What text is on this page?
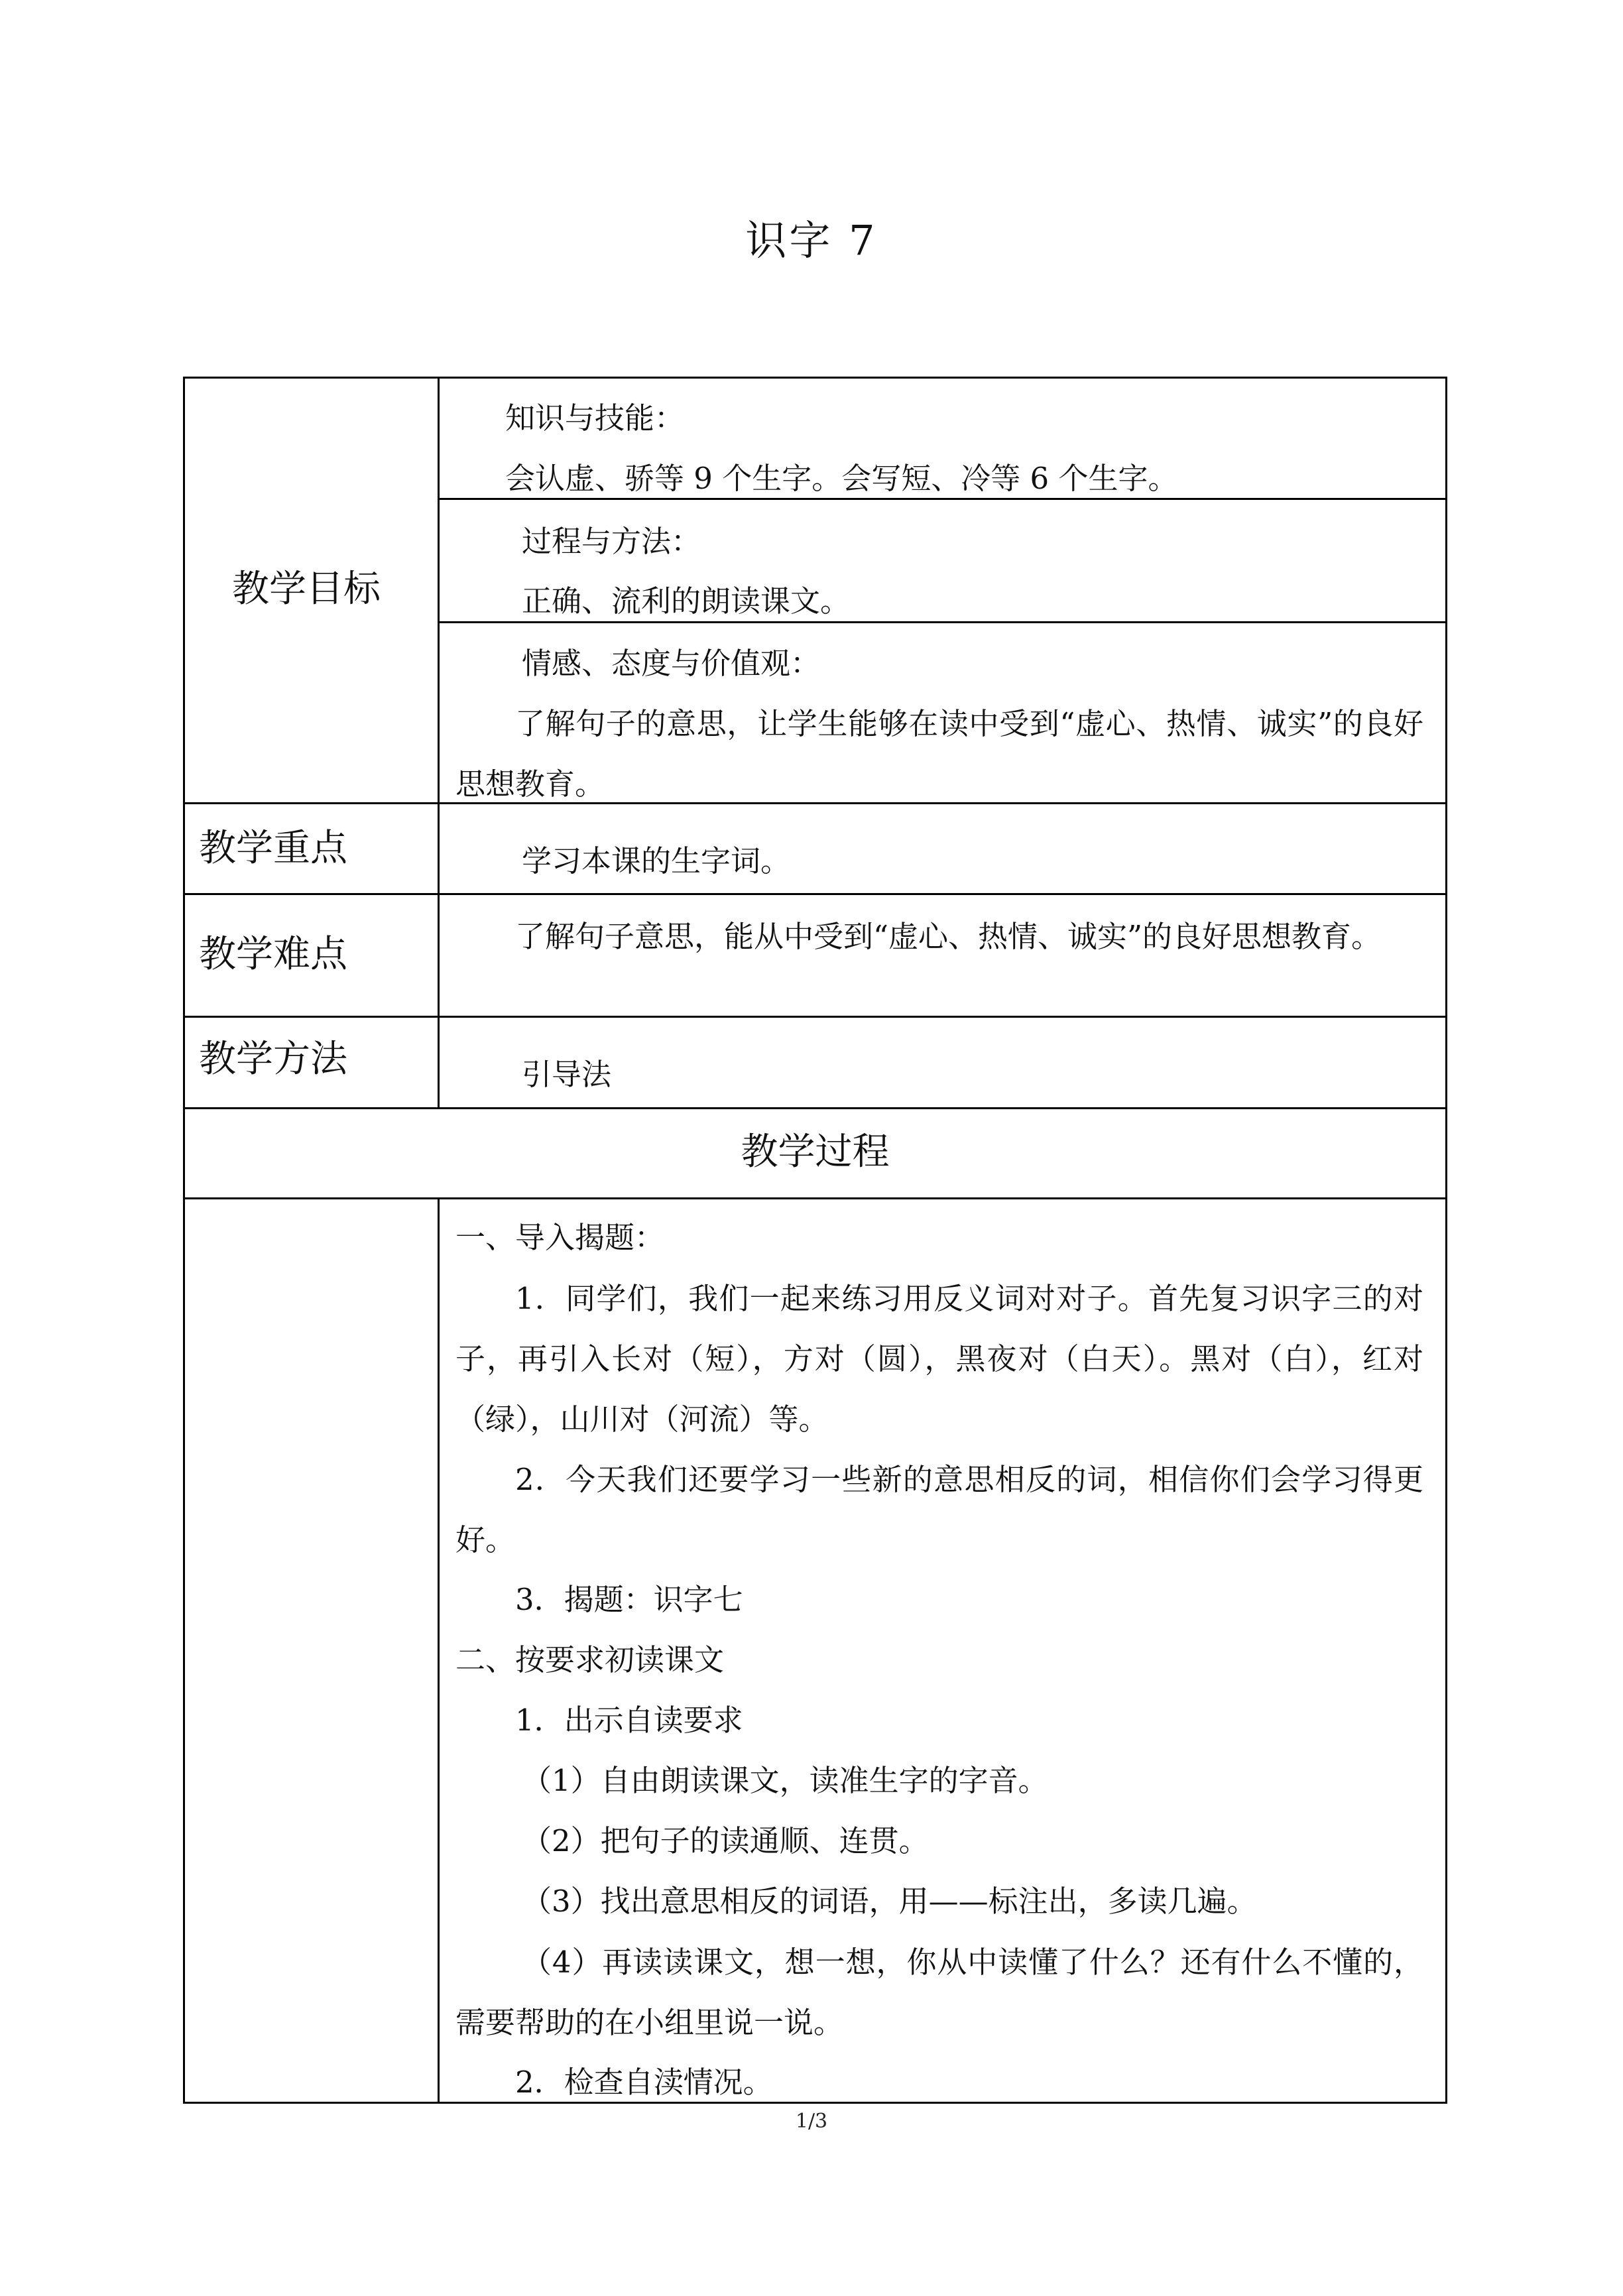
识字 7
教学目标
知识与技能：
会认虚、骄等 9 个生字。会写短、冷等 6 个生字。
过程与方法：
正确、流利的朗读课文。
情感、态度与价值观：
了解句子的意思，让学生能够在读中受到“虚心、热情、诚实”的良好思想教育。
教学重点	学习本课的生字词。
教学难点	了解句子意思，能从中受到“虚心、热情、诚实”的良好思想教育。
教学方法	引导法
教学过程
一、导入揭题：
1．同学们，我们一起来练习用反义词对对子。首先复习识字三的对子，再引入长对（短），方对（圆），黑夜对（白天）。黑对（白），红对（绿），山川对（河流）等。
2．今天我们还要学习一些新的意思相反的词，相信你们会学习得更好。
3．揭题：识字七
二、按要求初读课文
1．出示自读要求
（1）自由朗读课文，读准生字的字音。
（2）把句子的读通顺、连贯。
（3）找出意思相反的词语，用——标注出，多读几遍。
（4）再读读课文，想一想，你从中读懂了什么？还有什么不懂的，需要帮助的在小组里说一说。
2．检查自渎情况。
1/3
